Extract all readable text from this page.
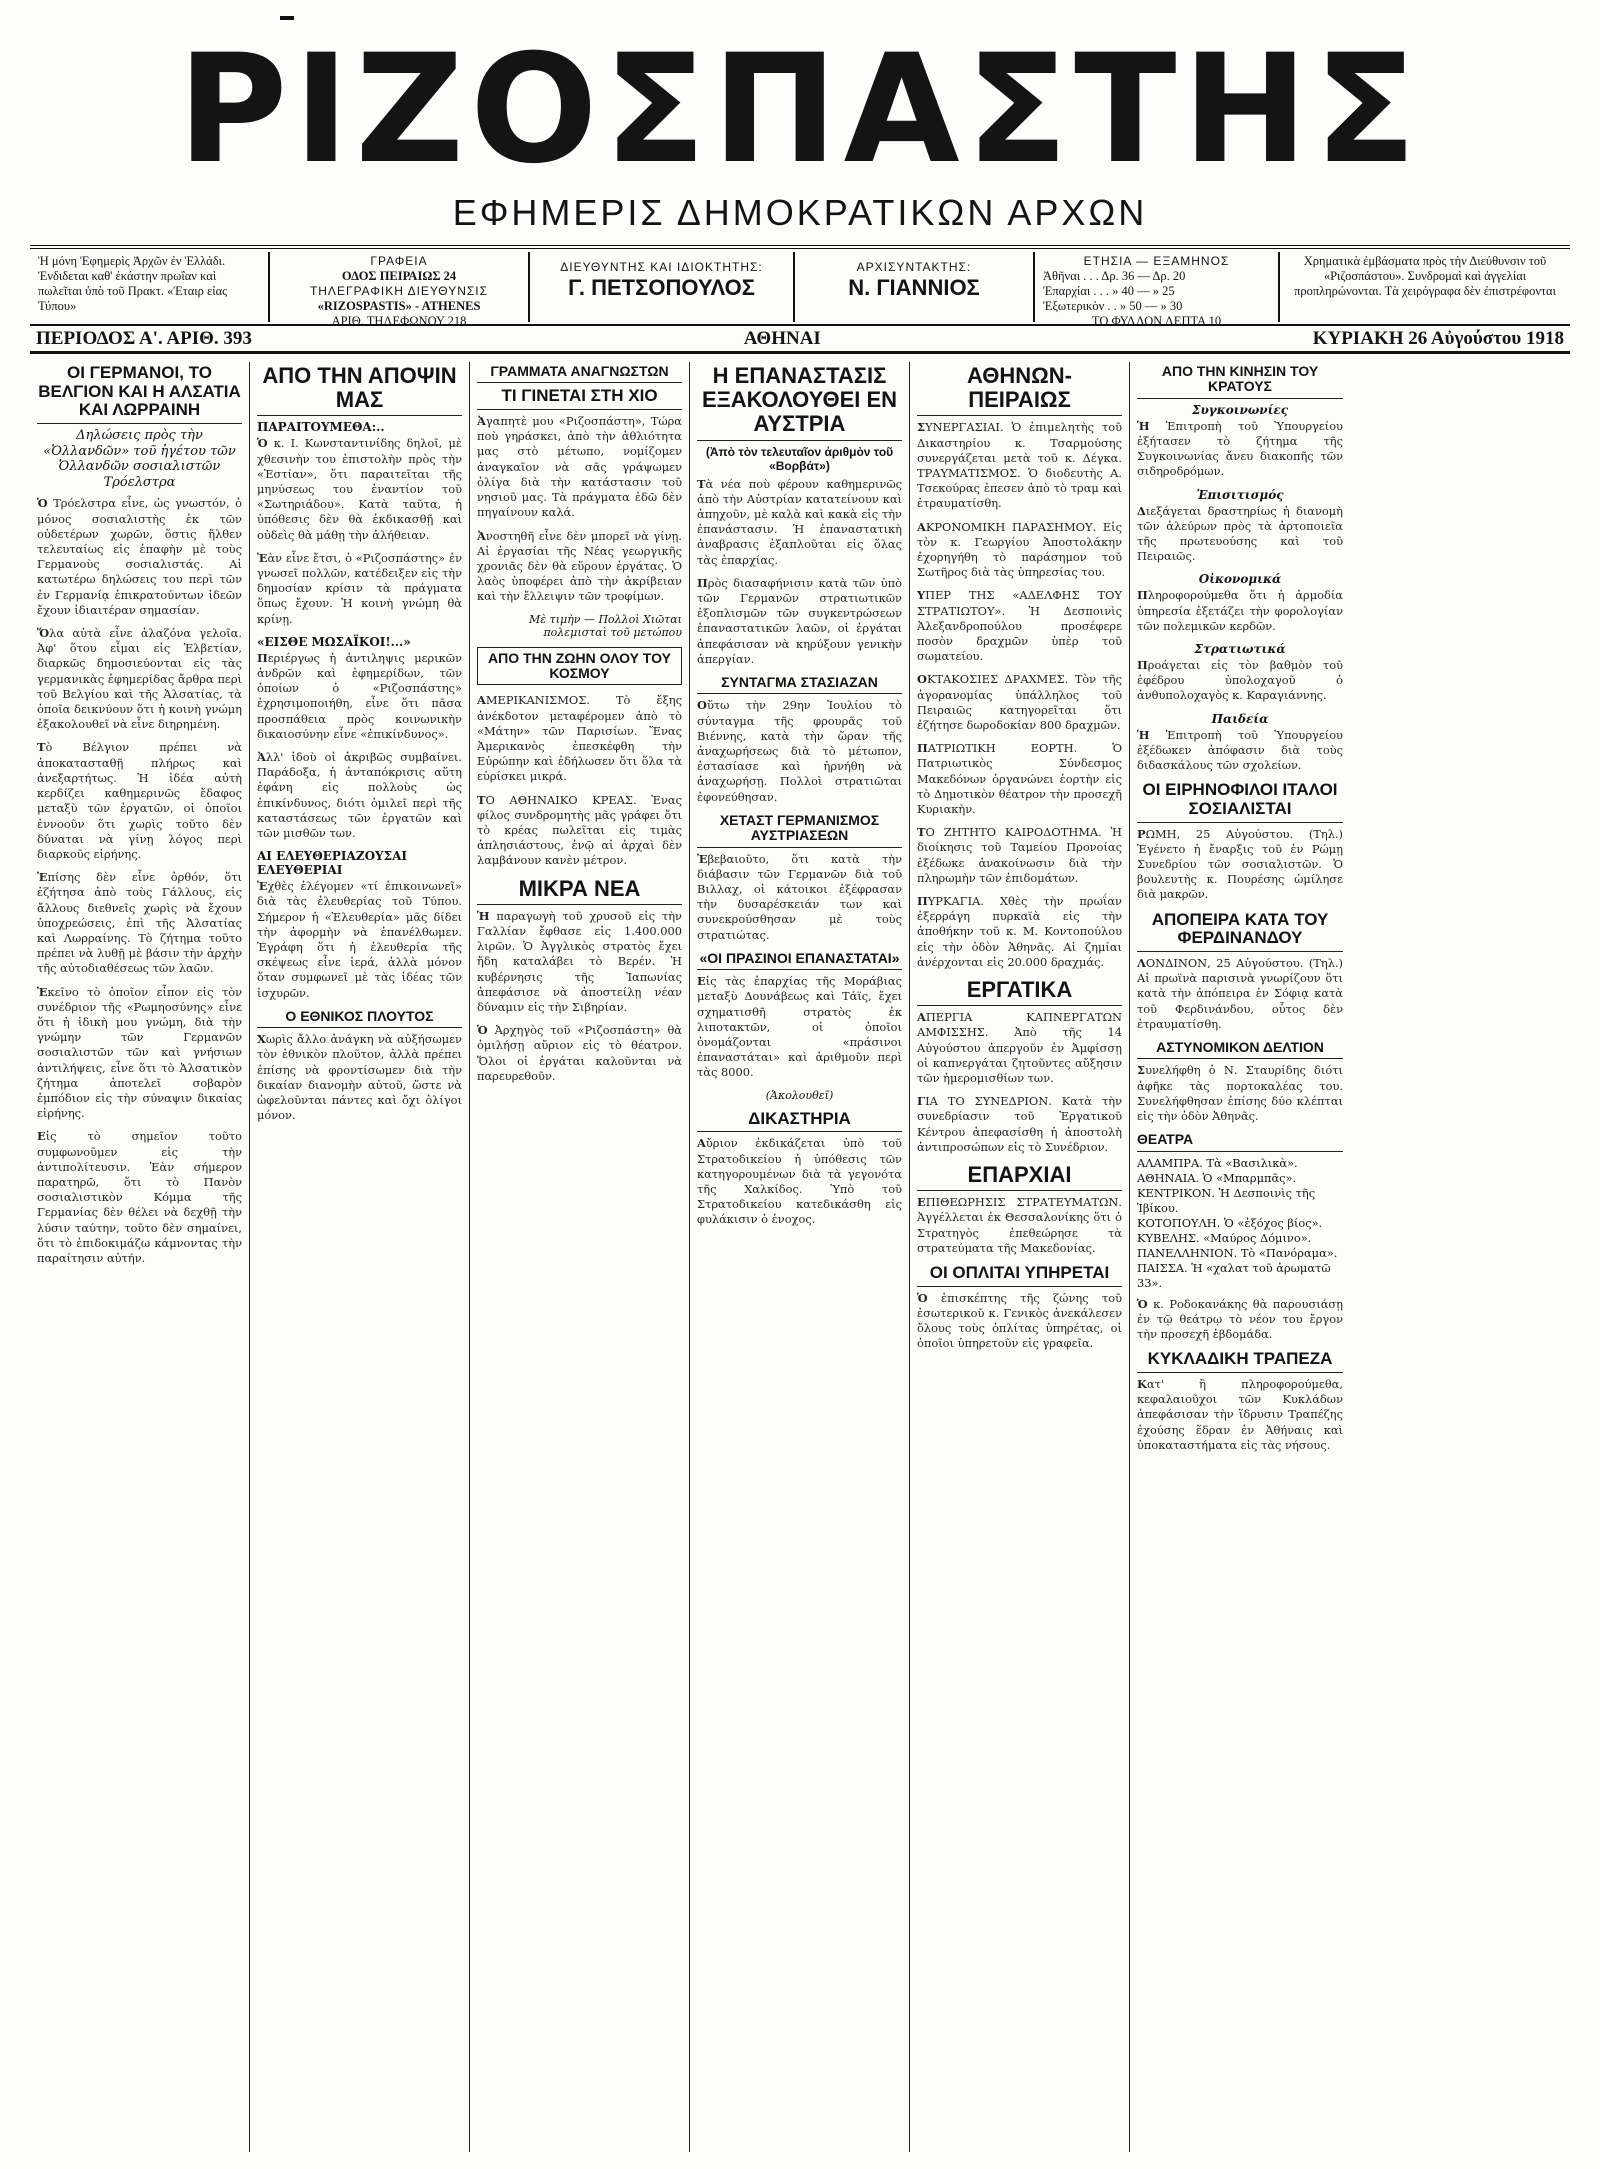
ΡΙΖΟΣΠΑΣΤΗΣ
ΕΦΗΜΕΡΙΣ ΔΗΜΟΚΡΑΤΙΚΩΝ ΑΡΧΩΝ
Ἡ μόνη Ἐφημερὶς Ἀρχῶν ἐν Ἑλλάδι. Ἐνδιδεται καθ' ἑκάστην πρωΐαν καὶ πωλεῖται ὑπὸ τοῦ Πρακτ. «Ἐταιρ εἰας Τύπου»
ΓΡΑΦΕΙΑ
ΟΔΟΣ ΠΕΙΡΑΙΩΣ 24
ΤΗΛΕΓΡΑΦΙΚΗ ΔΙΕΥΘΥΝΣΙΣ
«RIZOSPASTIS» - ATHENES
ΑΡΙΘ. ΤΗΛΕΦΩΝΟΥ 218
ΔΙΕΥΘΥΝΤΗΣ ΚΑΙ ΙΔΙΟΚΤΗΤΗΣ:
Γ. ΠΕΤΣΟΠΟΥΛΟΣ
ΑΡΧΙΣΥΝΤΑΚΤΗΣ:
Ν. ΓΙΑΝΝΙΟΣ
ΕΤΗΣΙΑ — ΕΞΑΜΗΝΟΣ
Ἀθῆναι . . . Δρ. 36 — Δρ. 20
Ἐπαρχίαι . . . » 40 — » 25
Ἐξωτερικὸν . . » 50 — » 30
ΤΟ ΦΥΛΛΟΝ ΛΕΠΤΑ 10
Χρηματικὰ ἐμβάσματα πρὸς τὴν Διεύθυνσιν τοῦ «Ριζοσπάστου». Συνδρομαὶ καὶ ἀγγελίαι προπληρώνονται. Τὰ χειρόγραφα δὲν ἐπιστρέφονται
ΠΕΡΙΟΔΟΣ Α'. ΑΡΙΘ. 393	ΑΘΗΝΑΙ	ΚΥΡΙΑΚΗ 26 Αὐγούστου 1918
ΟΙ ΓΕΡΜΑΝΟΙ, ΤΟ ΒΕΛΓΙΟΝ ΚΑΙ Η ΑΛΣΑΤΙΑ ΚΑΙ ΛΩΡΡΑΙΝΗ
Δηλώσεις πρὸς τὴν «Ὀλλανδῶν» τοῦ ἡγέτου τῶν Ὀλλανδῶν σοσιαλιστῶν Τρόελστρα

Ὁ Τρόελστρα εἶνε, ὡς γνωστόν, ὁ μόνος σοσιαλιστὴς ἐκ τῶν οὐδετέρων χωρῶν, ὅστις ἤλθεν τελευταίως εἰς ἐπαφὴν μὲ τοὺς Γερμανοὺς σοσιαλιστάς. Αἱ κατωτέρω δηλώσεις του περὶ τῶν ἐν Γερμανίᾳ ἐπικρατούντων ἰδεῶν ἔχουν ἰδιαιτέραν σημασίαν.

Ὅλα αὐτὰ εἶνε ἀλαζόνα γελοῖα. Ἀφ' ὅτου εἶμαι εἰς Ἑλβετίαν, διαρκῶς δημοσιεύονται εἰς τὰς γερμανικὰς ἐφημερίδας ἄρθρα περὶ τοῦ Βελγίου καὶ τῆς Ἀλσατίας, τὰ ὁποῖα δεικνύουν ὅτι ἡ κοινὴ γνώμη ἐξακολουθεῖ νὰ εἶνε διηρημένη.

Τὸ Βέλγιον πρέπει νὰ ἀποκατασταθῇ πλήρως καὶ ἀνεξαρτήτως. Ἡ ἰδέα αὐτὴ κερδίζει καθημερινῶς ἔδαφος μεταξὺ τῶν ἐργατῶν, οἱ ὁποῖοι ἐννοοῦν ὅτι χωρὶς τοῦτο δὲν δύναται νὰ γίνῃ λόγος περὶ διαρκοῦς εἰρήνης.

Ἐπίσης δὲν εἶνε ὀρθόν, ὅτι ἐζήτησα ἀπὸ τοὺς Γάλλους, εἰς ἄλλους διεθνεῖς χωρὶς νὰ ἔχουν ὑποχρεώσεις, ἐπὶ τῆς Ἀλσατίας καὶ Λωρραίνης. Τὸ ζήτημα τοῦτο πρέπει νὰ λυθῇ μὲ βάσιν τὴν ἀρχὴν τῆς αὐτοδιαθέσεως τῶν λαῶν.

Ἐκεῖνο τὸ ὁποῖον εἶπον εἰς τὸν συνέδριον τῆς «Ρωμηοσύνης» εἶνε ὅτι ἡ ἰδικὴ μου γνώμη, διὰ τὴν γνώμην τῶν Γερμανῶν σοσιαλιστῶν τῶν καὶ γνήσιων ἀντιλήψεις, εἶνε ὅτι τὸ Ἀλσατικὸν ζήτημα ἀποτελεῖ σοβαρὸν ἐμπόδιον εἰς τὴν σύναψιν δικαίας εἰρήνης.

Εἰς τὸ σημεῖον τοῦτο συμφωνοῦμεν εἰς τὴν ἀντιπολίτευσιν. Ἐὰν σήμερον παρατηρῶ, ὅτι τὸ Πανὸν σοσιαλιστικὸν Κόμμα τῆς Γερμανίας δὲν θέλει νὰ δεχθῇ τὴν λύσιν ταύτην, τοῦτο δὲν σημαίνει, ὅτι τὸ ἐπιδοκιμάζω κάμνοντας τὴν παραίτησιν αὐτήν.

ΑΠΟ ΤΗΝ ΑΠΟΨΙΝ ΜΑΣ
ΠΑΡΑΙΤΟΥΜΕΘΑ:..

Ὁ κ. Ι. Κωνσταντινίδης δηλοῖ, μὲ χθεσινὴν του ἐπιστολὴν πρὸς τὴν «Ἑστίαν», ὅτι παραιτεῖται τῆς μηνύσεως του ἐναντίον τοῦ «Σωτηριάδου». Κατὰ ταῦτα, ἡ ὑπόθεσις δὲν θὰ ἐκδικασθῇ καὶ οὐδεὶς θὰ μάθῃ τὴν ἀλήθειαν.

Ἐὰν εἶνε ἔτσι, ὁ «Ριζοσπάστης» ἐν γνωσεῖ πολλῶν, κατέδειξεν εἰς τὴν δημοσίαν κρίσιν τὰ πράγματα ὅπως ἔχουν. Ἡ κοινὴ γνώμη θὰ κρίνῃ.

«ΕΙΣΘΕ ΜΩΣΑΪΚΟΙ!...»

Περιέργως ἡ ἀντιληψις μερικῶν ἀνδρῶν καὶ ἐφημερίδων, τῶν ὁποίων ὁ «Ριζοσπάστης» ἐχρησιμοποιήθη, εἶνε ὅτι πᾶσα προσπάθεια πρὸς κοινωνικὴν δικαιοσύνην εἶνε «ἐπικίνδυνος».

Ἀλλ' ἰδοὺ οἱ ἀκριβῶς συμβαίνει. Παράδοξα, ἡ ἀνταπόκρισις αὕτη ἐφάνη εἰς πολλοὺς ὡς ἐπικίνδυνος, διότι ὁμιλεῖ περὶ τῆς καταστάσεως τῶν ἐργατῶν καὶ τῶν μισθῶν των.

ΑΙ ΕΛΕΥΘΕΡΙΑΖΟΥΣΑΙ ΕΛΕΥΘΕΡΙΑΙ

Ἐχθὲς ἐλέγομεν «τί ἐπικοινωνεῖ» διὰ τὰς ἐλευθερίας τοῦ Τύπου. Σήμερον ἡ «Ἐλευθερία» μᾶς δίδει τὴν ἀφορμὴν νὰ ἐπανέλθωμεν. Ἐγράφη ὅτι ἡ ἐλευθερία τῆς σκέψεως εἶνε ἱερά, ἀλλὰ μόνον ὅταν συμφωνεῖ μὲ τὰς ἰδέας τῶν ἰσχυρῶν.

Ο ΕΘΝΙΚΟΣ ΠΛΟΥΤΟΣ

Χωρὶς ἄλλο ἀνάγκη νὰ αὐξήσωμεν τὸν ἐθνικὸν πλοῦτον, ἀλλὰ πρέπει ἐπίσης νὰ φροντίσωμεν διὰ τὴν δικαίαν διανομὴν αὐτοῦ, ὥστε νὰ ὠφελοῦνται πάντες καὶ ὄχι ὀλίγοι μόνον.

ΓΡΑΜΜΑΤΑ ΑΝΑΓΝΩΣΤΩΝ
ΤΙ ΓΙΝΕΤΑΙ ΣΤΗ ΧΙΟ

Ἀγαπητὲ μου «Ριζοσπάστη», Τώρα ποὺ γηράσκει, ἀπὸ τὴν ἀθλιότητα μας στὸ μέτωπο, νομίζομεν ἀναγκαῖον νὰ σᾶς γράψωμεν ὀλίγα διὰ τὴν κατάστασιν τοῦ νησιοῦ μας. Τὰ πράγματα ἐδῶ δὲν πηγαίνουν καλά.

Ἀνοστηθῆ εἶνε δὲν μπορεῖ νὰ γίνῃ. Αἱ ἐργασίαι τῆς Νέας γεωργικῆς χρονιᾶς δὲν θὰ εὕρουν ἐργάτας. Ὁ λαὸς ὑποφέρει ἀπὸ τὴν ἀκρίβειαν καὶ τὴν ἔλλειψιν τῶν τροφίμων.

Μὲ τιμὴν — Πολλοὶ Χιῶται πολεμισταὶ τοῦ μετώπου
ΑΠΟ ΤΗΝ ΖΩΗΝ ΟΛΟΥ ΤΟΥ ΚΟΣΜΟΥ

ΑΜΕΡΙΚΑΝΙΣΜΟΣ. Τὸ ἔξης ἀνέκδοτον μεταφέρομεν ἀπὸ τὸ «Μάτην» τῶν Παρισίων. Ἕνας Ἀμερικανὸς ἐπεσκέφθη τὴν Εὐρώπην καὶ ἐδήλωσεν ὅτι ὅλα τὰ εὑρίσκει μικρά.

ΤΟ ΑΘΗΝΑΙΚΟ ΚΡΕΑΣ. Ἐνας φίλος συνδρομητὴς μᾶς γράφει ὅτι τὸ κρέας πωλεῖται εἰς τιμὰς ἀπλησιάστους, ἐνῷ αἱ ἀρχαὶ δὲν λαμβάνουν κανὲν μέτρον.

ΜΙΚΡΑ ΝΕΑ

Ἡ παραγωγὴ τοῦ χρυσοῦ εἰς τὴν Γαλλίαν ἔφθασε εἰς 1.400.000 λιρῶν. Ὁ Ἀγγλικὸς στρατὸς ἔχει ἤδη καταλάβει τὸ Βερέν. Ἡ κυβέρνησις τῆς Ἰαπωνίας ἀπεφάσισε νὰ ἀποστείλῃ νέαν δύναμιν εἰς τὴν Σιβηρίαν.

Ὁ Ἀρχηγὸς τοῦ «Ριζοσπάστη» θὰ ὁμιλήσῃ αὔριον εἰς τὸ θέατρον. Ὅλοι οἱ ἐργάται καλοῦνται νὰ παρευρεθοῦν.

Η ΕΠΑΝΑΣΤΑΣΙΣ ΕΞΑΚΟΛΟΥΘΕΙ ΕΝ ΑΥΣΤΡΙΑ
(Ἀπὸ τὸν τελευταῖον ἀριθμὸν τοῦ «Βορβάτ»)

Τὰ νέα ποὺ φέρουν καθημερινῶς ἀπὸ τὴν Αὐστρίαν κατατείνουν καὶ ἀπηχοῦν, μὲ καλὰ καὶ κακὰ εἰς τὴν ἐπανάστασιν. Ἡ ἐπαναστατικὴ ἀναβρασις ἐξαπλοῦται εἰς ὅλας τὰς ἐπαρχίας.

Πρὸς διασαφήνισιν κατὰ τῶν ὑπὸ τῶν Γερμανῶν στρατιωτικῶν ἐξοπλισμῶν τῶν συγκεντρώσεων ἐπαναστατικῶν λαῶν, οἱ ἐργάται ἀπεφάσισαν νὰ κηρύξουν γενικὴν ἀπεργίαν.

ΣΥΝΤΑΓΜΑ ΣΤΑΣΙΑΖΑΝ

Οὕτω τὴν 29ην Ἰουλίου τὸ σύνταγμα τῆς φρουρᾶς τοῦ Βιέννης, κατὰ τὴν ὥραν τῆς ἀναχωρήσεως διὰ τὸ μέτωπον, ἐστασίασε καὶ ἠρνήθη νὰ ἀναχωρήσῃ. Πολλοὶ στρατιῶται ἐφονεύθησαν.

ΧΕΤΑΣΤ ΓΕΡΜΑΝΙΣΜΟΣ ΑΥΣΤΡΙΑΣΕΩΝ

Ἐβεβαιοῦτο, ὅτι κατὰ τὴν διάβασιν τῶν Γερμανῶν διὰ τοῦ Βιλλαχ, οἱ κάτοικοι ἐξέφρασαν τὴν δυσαρέσκειάν των καὶ συνεκρούσθησαν μὲ τοὺς στρατιώτας.

«ΟΙ ΠΡΑΣΙΝΟΙ ΕΠΑΝΑΣΤΑΤΑΙ»

Εἰς τὰς ἐπαρχίας τῆς Μοράβιας μεταξὺ Δουνάβεως καὶ Τάϊς, ἔχει σχηματισθῆ στρατὸς ἐκ λιποτακτῶν, οἱ ὁποῖοι ὀνομάζονται «πράσινοι ἐπαναστάται» καὶ ἀριθμοῦν περὶ τὰς 8000.

(Ἀκολουθεῖ)
ΔΙΚΑΣΤΗΡΙΑ

Αὔριον ἐκδικάζεται ὑπὸ τοῦ Στρατοδικείου ἡ ὑπόθεσις τῶν κατηγορουμένων διὰ τὰ γεγονότα τῆς Χαλκίδος. Ὑπὸ τοῦ Στρατοδικείου κατεδικάσθη εἰς φυλάκισιν ὁ ἐνοχος.

ΑΘΗΝΩΝ-ΠΕΙΡΑΙΩΣ

ΣΥΝΕΡΓΑΣΙΑΙ. Ὁ ἐπιμελητὴς τοῦ Δικαστηρίου κ. Τσαρμούσης συνεργάζεται μετὰ τοῦ κ. Δέγκα. ΤΡΑΥΜΑΤΙΣΜΟΣ. Ὁ διοδευτὴς Α. Τσεκούρας ἐπεσεν ἀπὸ τὸ τραμ καὶ ἐτραυματίσθη.

ΑΚΡΟΝΟΜΙΚΗ ΠΑΡΑΣΗΜΟΥ. Εἰς τὸν κ. Γεωργίου Ἀποστολάκην ἐχορηγήθη τὸ παράσημον τοῦ Σωτῆρος διὰ τὰς ὑπηρεσίας του.

ΥΠΕΡ ΤΗΣ «ΑΔΕΛΦΗΣ ΤΟΥ ΣΤΡΑΤΙΩΤΟΥ». Ἡ Δεσποινὶς Ἀλεξανδροπούλου προσέφερε ποσὸν δραχμῶν ὑπὲρ τοῦ σωματείου.

ΟΚΤΑΚΟΣΙΕΣ ΔΡΑΧΜΕΣ. Τὸν τῆς ἀγορανομίας ὑπάλληλος τοῦ Πειραιῶς κατηγορεῖται ὅτι ἐζήτησε δωροδοκίαν 800 δραχμῶν.

ΠΑΤΡΙΩΤΙΚΗ ΕΟΡΤΗ. Ὁ Πατριωτικὸς Σύνδεσμος Μακεδόνων ὀργανώνει ἑορτὴν εἰς τὸ Δημοτικὸν θέατρον τὴν προσεχῆ Κυριακὴν.

ΤΟ ΖΗΤΗΤΟ ΚΑΙΡΟΔΟΤΗΜΑ. Ἡ διοίκησις τοῦ Ταμείου Προνοίας ἐξέδωκε ἀνακοίνωσιν διὰ τὴν πληρωμὴν τῶν ἐπιδομάτων.

ΠΥΡΚΑΓΙΑ. Χθὲς τὴν πρωΐαν ἐξερράγη πυρκαϊὰ εἰς τὴν ἀποθήκην τοῦ κ. Μ. Κοντοπούλου εἰς τὴν ὁδὸν Ἀθηνᾶς. Αἱ ζημίαι ἀνέρχονται εἰς 20.000 δραχμάς.

ΕΡΓΑΤΙΚΑ

ΑΠΕΡΓΙΑ ΚΑΠΝΕΡΓΑΤΩΝ ΑΜΦΙΣΣΗΣ. Ἀπὸ τῆς 14 Αὐγούστου ἀπεργοῦν ἐν Ἀμφίσσῃ οἱ καπνεργάται ζητοῦντες αὔξησιν τῶν ἡμερομισθίων των.

ΓΙΑ ΤΟ ΣΥΝΕΔΡΙΟΝ. Κατὰ τὴν συνεδρίασιν τοῦ Ἐργατικοῦ Κέντρου ἀπεφασίσθη ἡ ἀποστολὴ ἀντιπροσώπων εἰς τὸ Συνέδριον.

ΕΠΑΡΧΙΑΙ

ΕΠΙΘΕΩΡΗΣΙΣ ΣΤΡΑΤΕΥΜΑΤΩΝ. Ἀγγέλλεται ἐκ Θεσσαλονίκης ὅτι ὁ Στρατηγὸς ἐπεθεώρησε τὰ στρατεύματα τῆς Μακεδονίας.

ΟΙ ΟΠΛΙΤΑΙ ΥΠΗΡΕΤΑΙ

Ὁ ἐπισκέπτης τῆς ζώνης τοῦ ἐσωτερικοῦ κ. Γενικὸς ἀνεκάλεσεν ὅλους τοὺς ὁπλίτας ὑπηρέτας, οἱ ὁποῖοι ὑπηρετοῦν εἰς γραφεῖα.

ΑΠΟ ΤΗΝ ΚΙΝΗΣΙΝ ΤΟΥ ΚΡΑΤΟΥΣ
Συγκοινωνίες

Ἡ Ἐπιτροπὴ τοῦ Ὑπουργείου ἐξήτασεν τὸ ζήτημα τῆς Συγκοινωνίας ἄνευ διακοπῆς τῶν σιδηροδρόμων.

Ἐπισιτισμός

Διεξάγεται δραστηρίως ἡ διανομὴ τῶν ἀλεύρων πρὸς τὰ ἀρτοποιεῖα τῆς πρωτευούσης καὶ τοῦ Πειραιῶς.

Οἰκονομικά

Πληροφορούμεθα ὅτι ἡ ἀρμοδία ὑπηρεσία ἐξετάζει τὴν φορολογίαν τῶν πολεμικῶν κερδῶν.

Στρατιωτικά

Προάγεται εἰς τὸν βαθμὸν τοῦ ἐφέδρου ὑπολοχαγοῦ ὁ ἀνθυπολοχαγὸς κ. Καραγιάννης.

Παιδεία

Ἡ Ἐπιτροπὴ τοῦ Ὑπουργείου ἐξέδωκεν ἀπόφασιν διὰ τοὺς διδασκάλους τῶν σχολείων.

ΟΙ ΕΙΡΗΝΟΦΙΛΟΙ ΙΤΑΛΟΙ ΣΟΣΙΑΛΙΣΤΑΙ

ΡΩΜΗ, 25 Αὐγούστου. (Τηλ.) Ἐγένετο ἡ ἔναρξις τοῦ ἐν Ρώμῃ Συνεδρίου τῶν σοσιαλιστῶν. Ὁ βουλευτὴς κ. Πουρέσης ὡμίλησε διὰ μακρῶν.

ΑΠΟΠΕΙΡΑ ΚΑΤΑ ΤΟΥ ΦΕΡΔΙΝΑΝΔΟΥ

ΛΟΝΔΙΝΟΝ, 25 Αὐγούστου. (Τηλ.) Αἱ πρωϊνὰ παρισινὰ γνωρίζουν ὅτι κατὰ τὴν ἀπόπειρα ἐν Σόφιᾳ κατὰ τοῦ Φερδινάνδου, οὗτος δὲν ἐτραυματίσθη.

ΑΣΤΥΝΟΜΙΚΟΝ ΔΕΛΤΙΟΝ

Συνελήφθη ὁ Ν. Σταυρίδης διότι ἀφῆκε τὰς πορτοκαλέας του. Συνελήφθησαν ἐπίσης δύο κλέπται εἰς τὴν ὁδὸν Ἀθηνᾶς.

ΘΕΑΤΡΑ
ΑΛΑΜΠΡΑ. Τὰ «Βασιλικὰ».
ΑΘΗΝΑΙΑ. Ὁ «Μπαρμπᾶς».
ΚΕΝΤΡΙΚΟΝ. Ἡ Δεσποινὶς τῆς Ἱβίκου.
ΚΟΤΟΠΟΥΛΗ. Ὁ «ἐξόχος βίος».
ΚΥΒΕΛΗΣ. «Μαύρος Δόμινο».
ΠΑΝΕΛΛΗΝΙΟΝ. Τὸ «Πανόραμα».
ΠΑΙΣΣΑ. Ἡ «χαλατ τοῦ ἀρωματῶ 33».

Ὁ κ. Ροδοκανάκης θὰ παρουσιάσῃ ἐν τῷ θεάτρῳ τὸ νέον του ἔργον τὴν προσεχῆ ἑβδομάδα.

ΚΥΚΛΑΔΙΚΗ ΤΡΑΠΕΖΑ

Κατ' ἢ πληροφορούμεθα, κεφαλαιοῦχοι τῶν Κυκλάδων ἀπεφάσισαν τὴν ἵδρυσιν Τραπέζης ἐχούσης ἕδραν ἐν Ἀθήναις καὶ ὑποκαταστήματα εἰς τὰς νήσους.
